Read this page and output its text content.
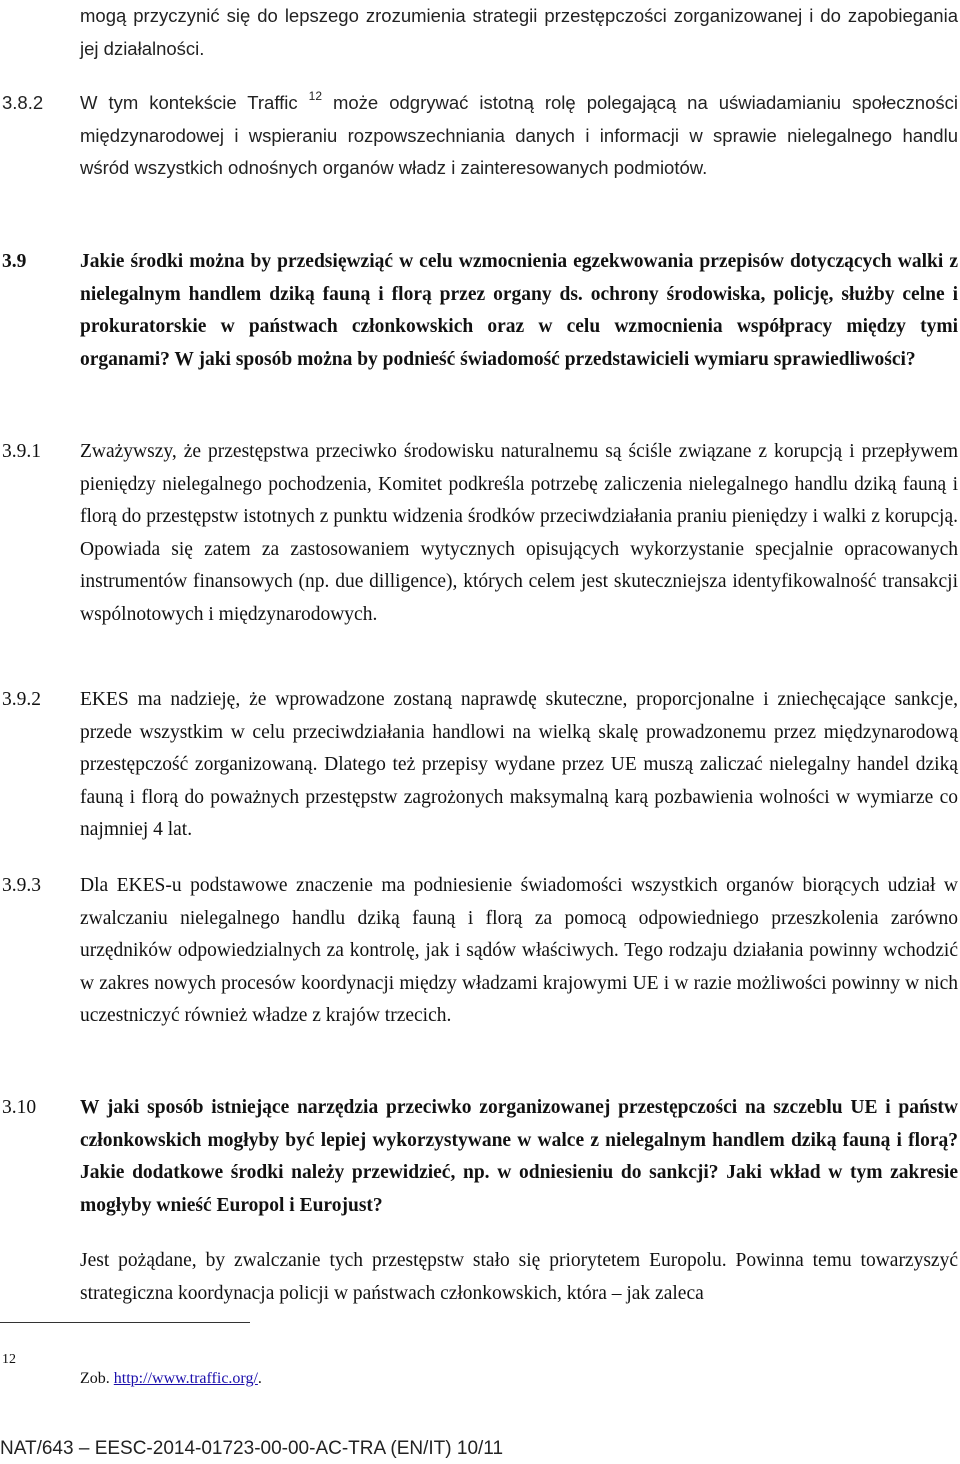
mogą przyczynić się do lepszego zrozumienia strategii przestępczości zorganizowanej i do zapobiegania jej działalności.
3.8.2 W tym kontekście Traffic $^{12}$ może odgrywać istotną rolę polegającą na uświadamianiu społeczności międzynarodowej i wspieraniu rozpowszechniania danych i informacji w sprawie nielegalnego handlu wśród wszystkich odnośnych organów władz i zainteresowanych podmiotów.
3.9	Jakie środki można by przedsięwziąć w celu wzmocnienia egzekwowania przepisów dotyczących walki z nielegalnym handlem dziką fauną i florą przez organy ds. ochrony środowiska, policję, służby celne i prokuratorskie w państwach członkowskich oraz w celu wzmocnienia współpracy między tymi organami? W jaki sposób można by podnieść świadomość przedstawicieli wymiaru sprawiedliwości?
3.9.1 Zważywszy, że przestępstwa przeciwko środowisku naturalnemu są ściśle związane z korupcją i przepływem pieniędzy nielegalnego pochodzenia, Komitet podkreśla potrzebę zaliczenia nielegalnego handlu dziką fauną i florą do przestępstw istotnych z punktu widzenia środków przeciwdziałania praniu pieniędzy i walki z korupcją. Opowiada się zatem za zastosowaniem wytycznych opisujących wykorzystanie specjalnie opracowanych instrumentów finansowych (np. due dilligence), których celem jest skuteczniejsza identyfikowalność transakcji wspólnotowych i międzynarodowych.
3.9.2 EKES ma nadzieję, że wprowadzone zostaną naprawdę skuteczne, proporcjonalne i zniechęcające sankcje, przede wszystkim w celu przeciwdziałania handlowi na wielką skalę prowadzonemu przez międzynarodową przestępczość zorganizowaną. Dlatego też przepisy wydane przez UE muszą zaliczać nielegalny handel dziką fauną i florą do poważnych przestępstw zagrożonych maksymalną karą pozbawienia wolności w wymiarze co najmniej 4 lat.
3.9.3 Dla EKES-u podstawowe znaczenie ma podniesienie świadomości wszystkich organów biorących udział w zwalczaniu nielegalnego handlu dziką fauną i florą za pomocą odpowiedniego przeszkolenia zarówno urzędników odpowiedzialnych za kontrolę, jak i sądów właściwych. Tego rodzaju działania powinny wchodzić w zakres nowych procesów koordynacji między władzami krajowymi UE i w razie możliwości powinny w nich uczestniczyć również władze z krajów trzecich.
3.10 W jaki sposób istniejące narzędzia przeciwko zorganizowanej przestępczości na szczeblu UE i państw członkowskich mogłyby być lepiej wykorzystywane w walce z nielegalnym handlem dziką fauną i florą? Jakie dodatkowe środki należy przewidzieć, np. w odniesieniu do sankcji? Jaki wkład w tym zakresie mogłyby wnieść Europol i Eurojust?
Jest pożądane, by zwalczanie tych przestępstw stało się priorytetem Europolu. Powinna temu towarzyszyć strategiczna koordynacja policji w państwach członkowskich, która – jak zaleca
12
Zob. http://www.traffic.org/.
NAT/643 – EESC-2014-01723-00-00-AC-TRA (EN/IT) 10/11
